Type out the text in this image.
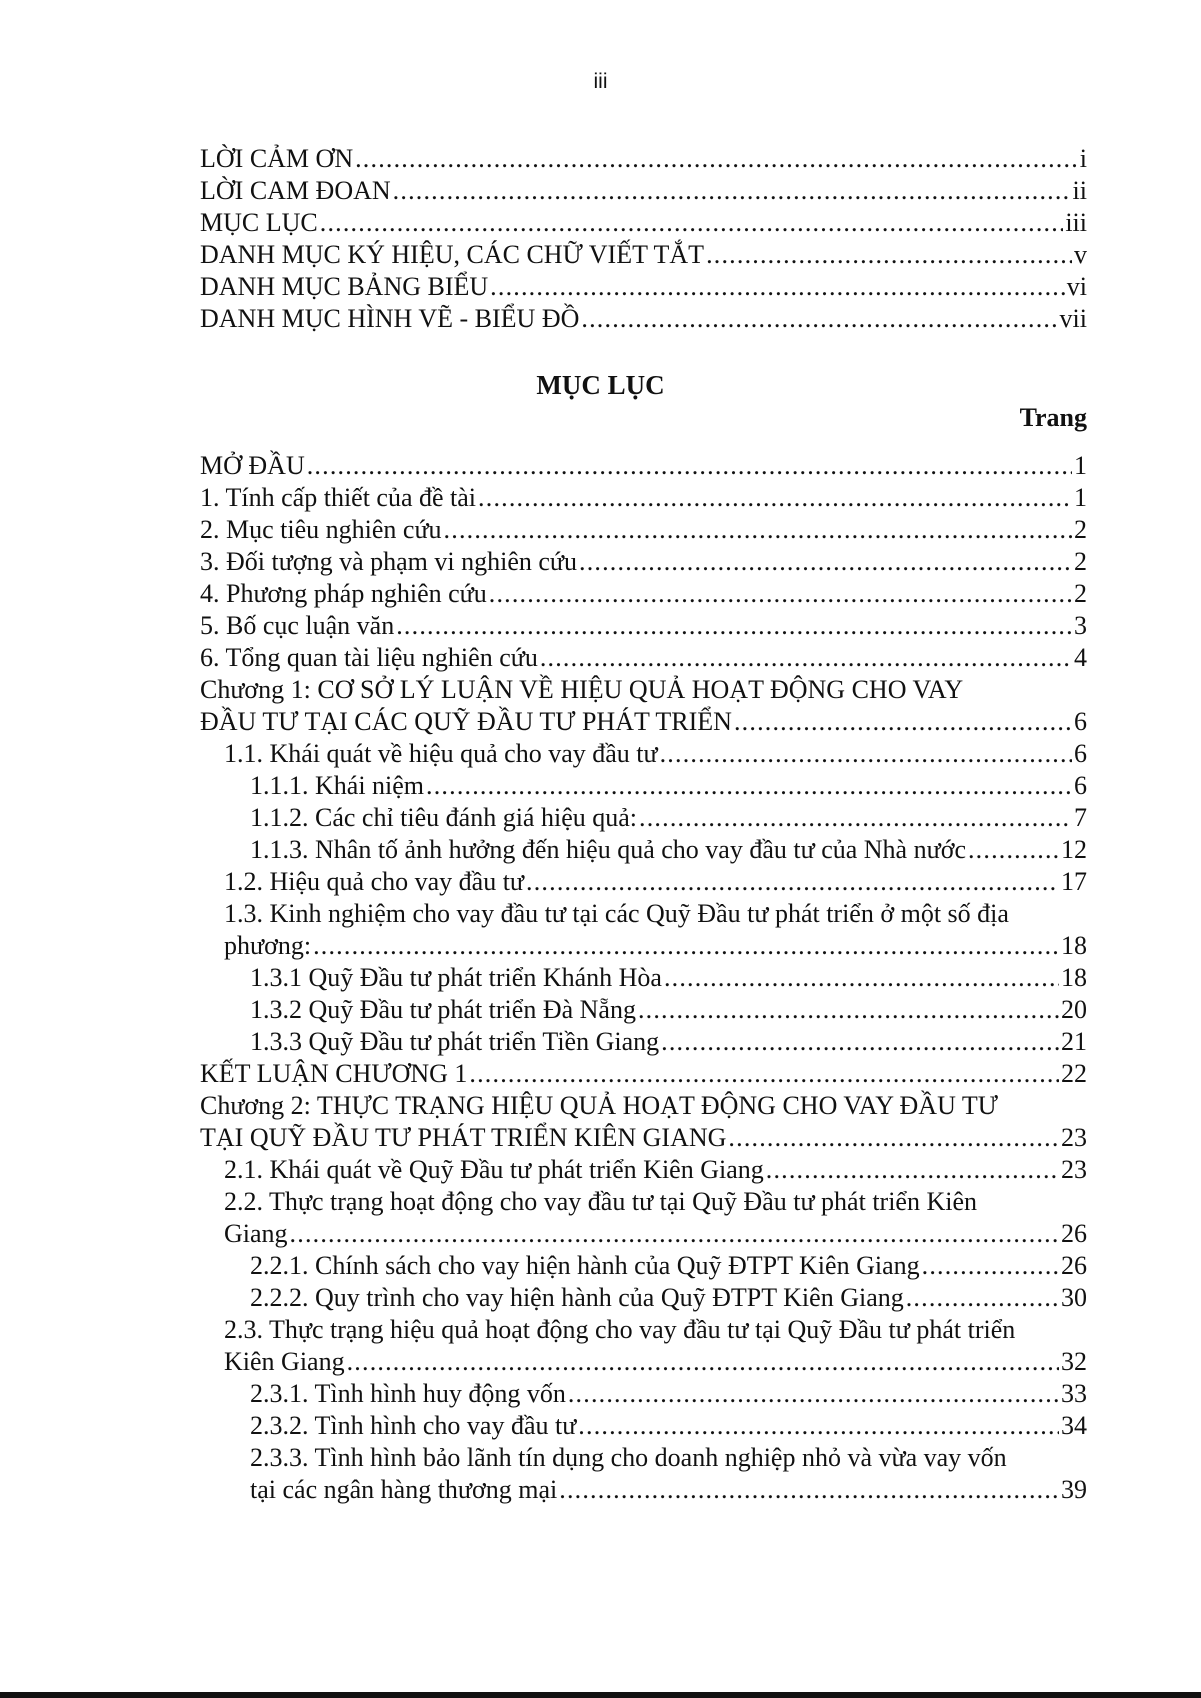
iii
LỜI CẢM ƠN .....	i
LỜI CAM ĐOAN .....	ii
MỤC LỤC .....	iii
DANH MỤC KÝ HIỆU, CÁC CHỮ VIẾT TẮT .....	v
DANH MỤC BẢNG BIỂU .....	vi
DANH MỤC HÌNH VẼ - BIỂU ĐỒ .....	vii
MỤC LỤC
Trang
MỞ ĐẦU .....	1
1. Tính cấp thiết của đề tài .....	1
2. Mục tiêu nghiên cứu .....	2
3. Đối tượng và phạm vi nghiên cứu .....	2
4. Phương pháp nghiên cứu .....	2
5. Bố cục luận văn .....	3
6. Tổng quan tài liệu nghiên cứu .....	4
Chương 1: CƠ SỞ LÝ LUẬN VỀ HIỆU QUẢ HOẠT ĐỘNG CHO VAY
ĐẦU TƯ TẠI CÁC QUỸ ĐẦU TƯ PHÁT TRIỂN .....	6
1.1. Khái quát về hiệu quả cho vay đầu tư .....	6
1.1.1. Khái niệm .....	6
1.1.2. Các chỉ tiêu đánh giá hiệu quả: .....	7
1.1.3. Nhân tố ảnh hưởng đến hiệu quả cho vay đầu tư của Nhà nước .....	12
1.2. Hiệu quả cho vay đầu tư .....	17
1.3. Kinh nghiệm cho vay đầu tư tại các Quỹ Đầu tư phát triển ở một số địa
phương: .....	18
1.3.1 Quỹ Đầu tư phát triển Khánh Hòa .....	18
1.3.2 Quỹ Đầu tư phát triển Đà Nẵng .....	20
1.3.3 Quỹ Đầu tư phát triển Tiền Giang .....	21
KẾT LUẬN CHƯƠNG 1 .....	22
Chương 2: THỰC TRẠNG HIỆU QUẢ HOẠT ĐỘNG CHO VAY ĐẦU TƯ
TẠI QUỸ ĐẦU TƯ PHÁT TRIỂN KIÊN GIANG .....	23
2.1. Khái quát về Quỹ Đầu tư phát triển Kiên Giang .....	23
2.2. Thực trạng hoạt động cho vay đầu tư tại Quỹ Đầu tư phát triển Kiên
Giang .....	26
2.2.1. Chính sách cho vay hiện hành của Quỹ ĐTPT Kiên Giang .....	26
2.2.2. Quy trình cho vay hiện hành của Quỹ ĐTPT Kiên Giang .....	30
2.3. Thực trạng hiệu quả hoạt động cho vay đầu tư tại Quỹ Đầu tư phát triển
Kiên Giang .....	32
2.3.1. Tình hình huy động vốn .....	33
2.3.2. Tình hình cho vay đầu tư .....	34
2.3.3. Tình hình bảo lãnh tín dụng cho doanh nghiệp nhỏ và vừa vay vốn
tại các ngân hàng thương mại .....	39
